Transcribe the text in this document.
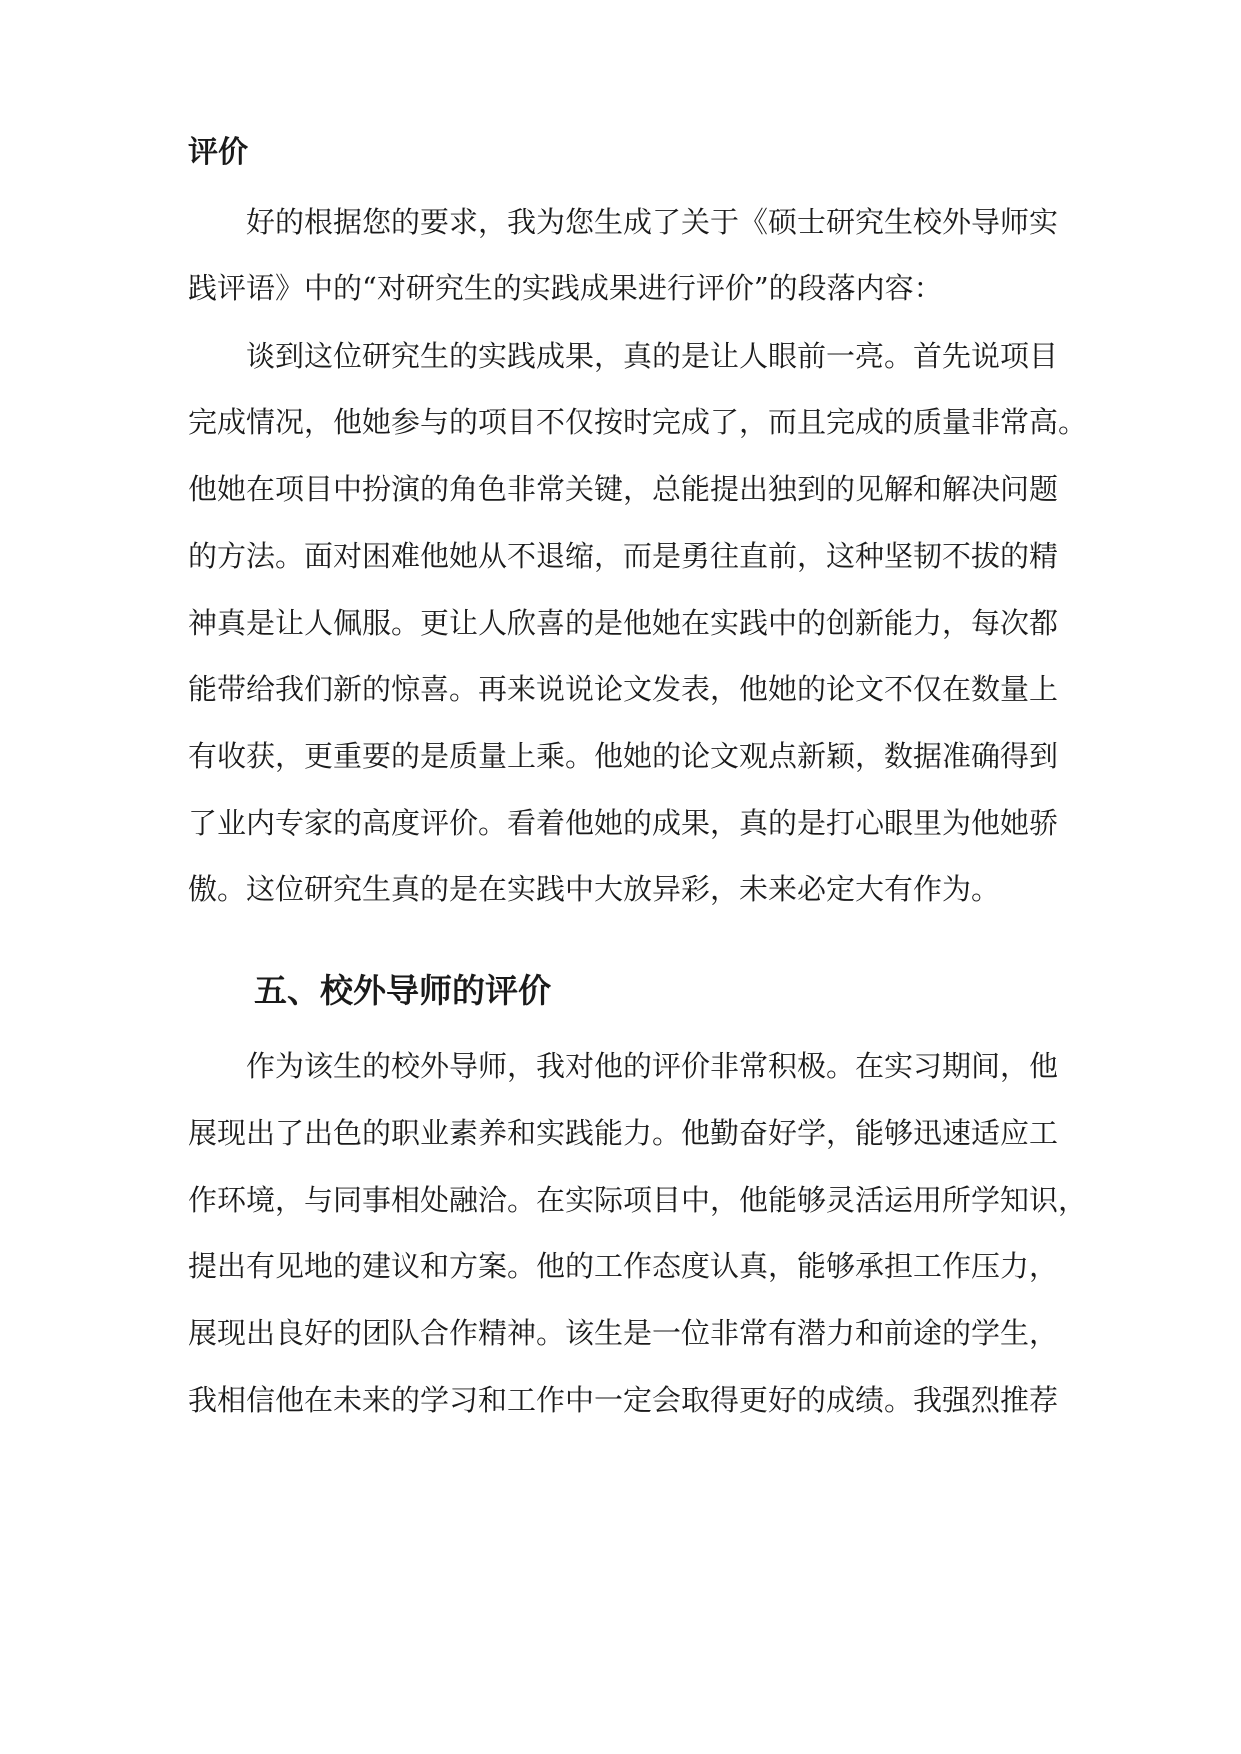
评价
好的根据您的要求，我为您生成了关于《硕士研究生校外导师实
践评语》中的“对研究生的实践成果进行评价”的段落内容：
谈到这位研究生的实践成果，真的是让人眼前一亮。首先说项目
完成情况，他她参与的项目不仅按时完成了，而且完成的质量非常高。
他她在项目中扮演的角色非常关键，总能提出独到的见解和解决问题
的方法。面对困难他她从不退缩，而是勇往直前，这种坚韧不拔的精
神真是让人佩服。更让人欣喜的是他她在实践中的创新能力，每次都
能带给我们新的惊喜。再来说说论文发表，他她的论文不仅在数量上
有收获，更重要的是质量上乘。他她的论文观点新颖，数据准确得到
了业内专家的高度评价。看着他她的成果，真的是打心眼里为他她骄
傲。这位研究生真的是在实践中大放异彩，未来必定大有作为。
五、校外导师的评价
作为该生的校外导师，我对他的评价非常积极。在实习期间，他
展现出了出色的职业素养和实践能力。他勤奋好学，能够迅速适应工
作环境，与同事相处融洽。在实际项目中，他能够灵活运用所学知识，
提出有见地的建议和方案。他的工作态度认真，能够承担工作压力，
展现出良好的团队合作精神。该生是一位非常有潜力和前途的学生，
我相信他在未来的学习和工作中一定会取得更好的成绩。我强烈推荐
